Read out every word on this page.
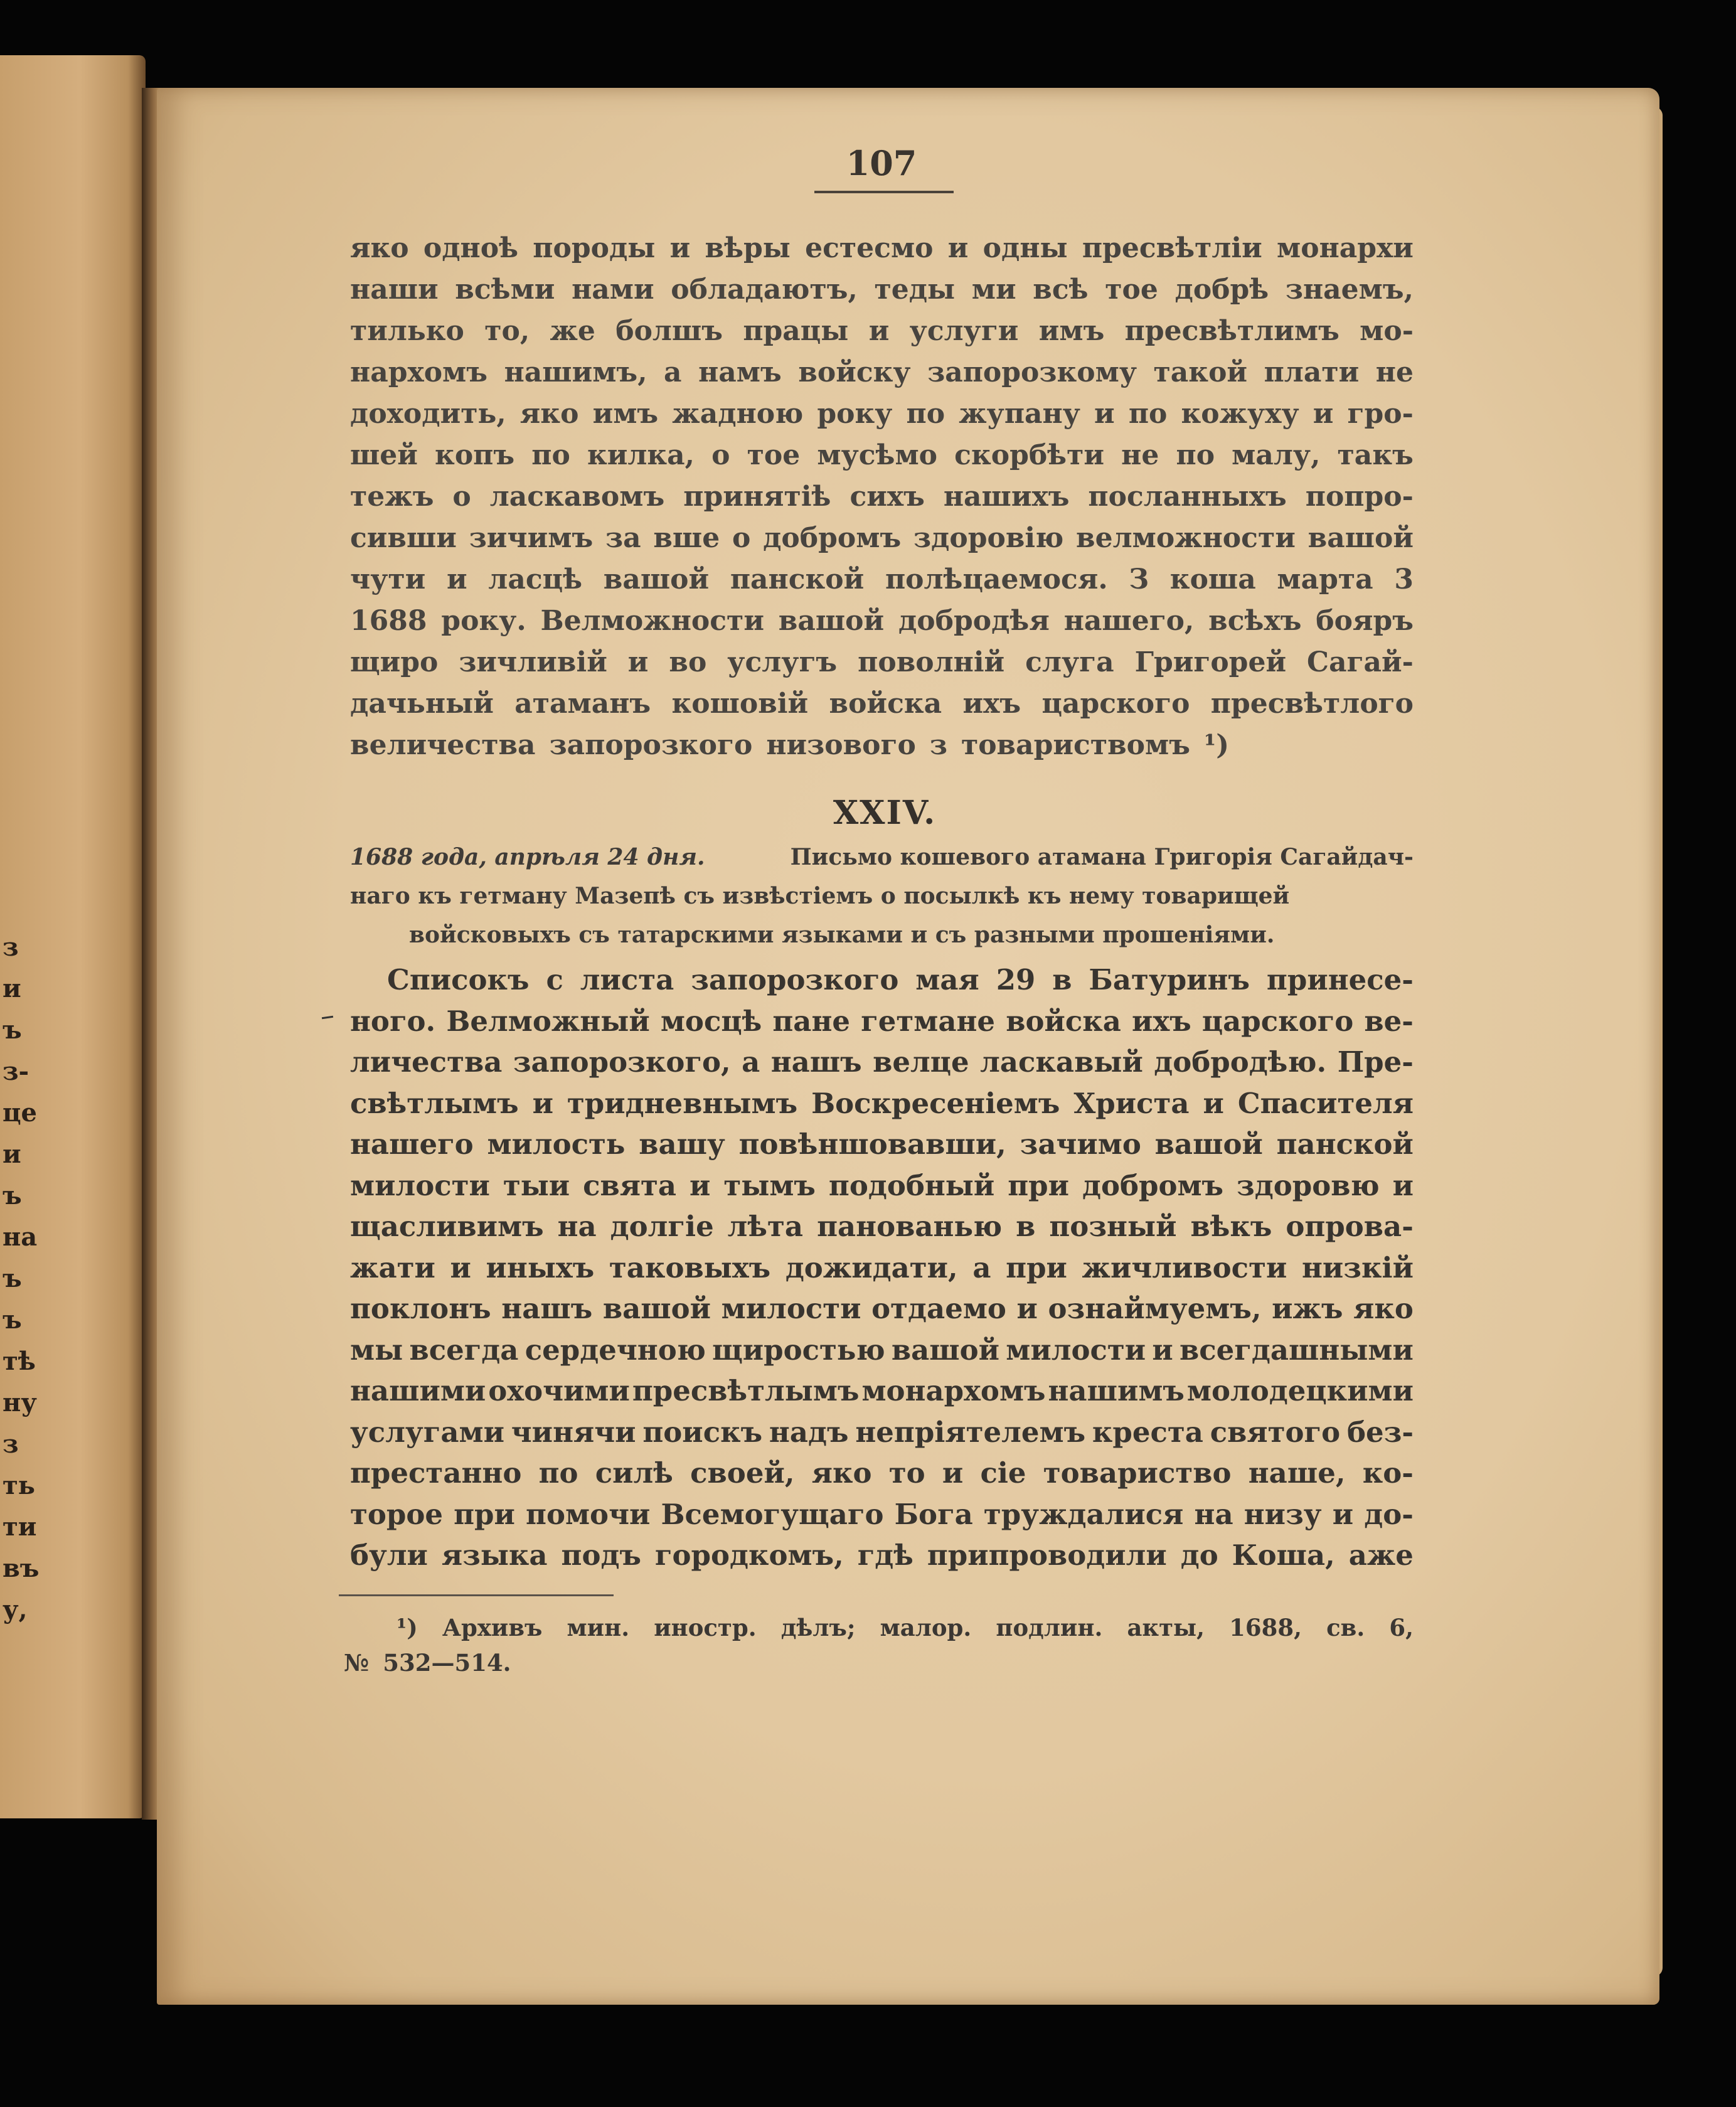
з
и
ъ
з-
це
и
ъ
на
ъ
ъ
тѣ
ну
з
ть
ти
въ
у,
107
яко одноѣ породы и вѣры естесмо и одны пресвѣтліи монархи
наши всѣми нами обладаютъ, теды ми всѣ тое добрѣ знаемъ,
тилько то, же болшъ працы и услуги имъ пресвѣтлимъ мо-
нархомъ нашимъ, а намъ войску запорозкому такой плати не
доходить, яко имъ жадною року по жупану и по кожуху и гро-
шей копъ по килка, о тое мусѣмо скорбѣти не по малу, такъ
тежъ о ласкавомъ принятіѣ сихъ нашихъ посланныхъ попро-
сивши зичимъ за вше о добромъ здоровію велможности вашой
чути и ласцѣ вашой панской полѣцаемося. З коша марта 3
1688 року. Велможности вашой добродѣя нашего, всѣхъ бояръ
щиро зичливій и во услугъ поволній слуга Григорей Сагай-
дачьный атаманъ кошовій войска ихъ царского пресвѣтлого
величества запорозкого низового з товариствомъ ¹)
XXIV.
1688 года, апрѣля 24 дня.	Письмо кошевого атамана Григорія Сагайдач-
наго къ гетману Мазепѣ съ извѣстіемъ о посылкѣ къ нему товарищей
войсковыхъ съ татарскими языками и съ разными прошеніями.
Списокъ с листа запорозкого мая 29 в Батуринъ принесе-
ного. Велможный мосцѣ пане гетмане войска ихъ царского ве-
личества запорозкого, а нашъ велце ласкавый добродѣю. Пре-
свѣтлымъ и тридневнымъ Воскресеніемъ Христа и Спасителя
нашего милость вашу повѣншовавши, зачимо вашой панской
милости тыи свята и тымъ подобный при добромъ здоровю и
щасливимъ на долгіе лѣта панованью в позный вѣкъ опрова-
жати и иныхъ таковыхъ дожидати, а при жичливости низкій
поклонъ нашъ вашой милости отдаемо и ознаймуемъ, ижъ яко
мы всегда сердечною щиростью вашой милости и всегдашными
нашими охочими пресвѣтлымъ монархомъ нашимъ молодецкими
услугами чинячи поискъ надъ непріятелемъ креста святого без-
престанно по силѣ своей, яко то и сіе товариство наше, ко-
торое при помочи Всемогущаго Бога труждалися на низу и до-
були языка подъ городкомъ, гдѣ припроводили до Коша, аже
¹) Архивъ мин. иностр. дѣлъ; малор. подлин. акты, 1688, св. 6,
№ 532—514.
